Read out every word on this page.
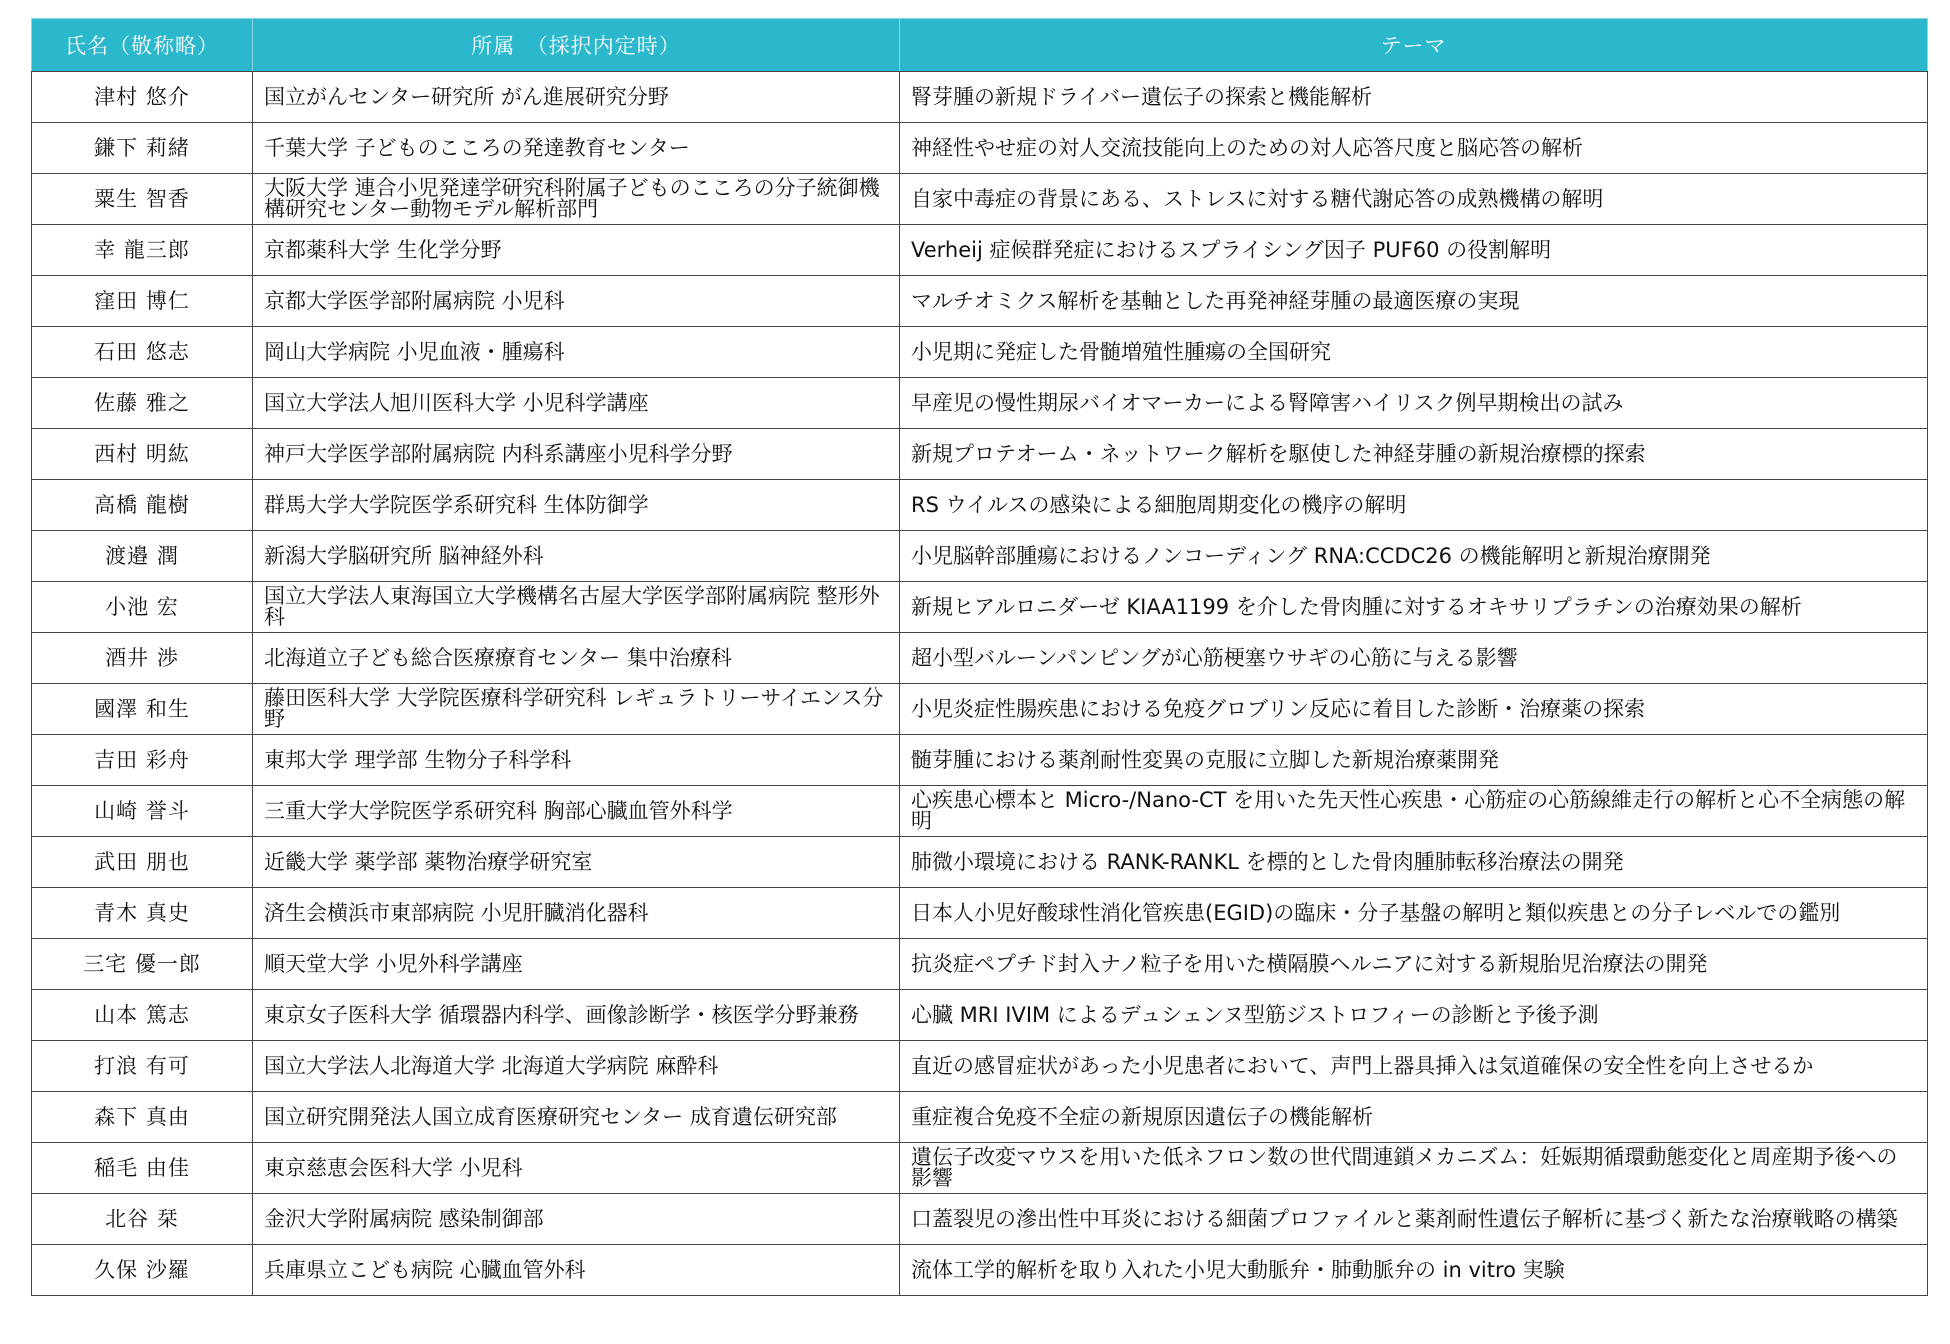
氏名（敬称略）	所属　（採択内定時）	テーマ
津村 悠介	国立がんセンター研究所 がん進展研究分野	腎芽腫の新規ドライバー遺伝子の探索と機能解析
鎌下 莉緒	千葉大学 子どものこころの発達教育センター	神経性やせ症の対人交流技能向上のための対人応答尺度と脳応答の解析
粟生 智香	大阪大学 連合小児発達学研究科附属子どものこころの分子統御機構研究センター動物モデル解析部門	自家中毒症の背景にある、ストレスに対する糖代謝応答の成熟機構の解明
幸 龍三郎	京都薬科大学 生化学分野	Verheij 症候群発症におけるスプライシング因子 PUF60 の役割解明
窪田 博仁	京都大学医学部附属病院 小児科	マルチオミクス解析を基軸とした再発神経芽腫の最適医療の実現
石田 悠志	岡山大学病院 小児血液・腫瘍科	小児期に発症した骨髄増殖性腫瘍の全国研究
佐藤 雅之	国立大学法人旭川医科大学 小児科学講座	早産児の慢性期尿バイオマーカーによる腎障害ハイリスク例早期検出の試み
西村 明紘	神戸大学医学部附属病院 内科系講座小児科学分野	新規プロテオーム・ネットワーク解析を駆使した神経芽腫の新規治療標的探索
高橋 龍樹	群馬大学大学院医学系研究科 生体防御学	RS ウイルスの感染による細胞周期変化の機序の解明
渡邉 潤	新潟大学脳研究所 脳神経外科	小児脳幹部腫瘍におけるノンコーディング RNA:CCDC26 の機能解明と新規治療開発
小池 宏	国立大学法人東海国立大学機構名古屋大学医学部附属病院 整形外科	新規ヒアルロニダーゼ KIAA1199 を介した骨肉腫に対するオキサリプラチンの治療効果の解析
酒井 渉	北海道立子ども総合医療療育センター 集中治療科	超小型バルーンパンピングが心筋梗塞ウサギの心筋に与える影響
國澤 和生	藤田医科大学 大学院医療科学研究科 レギュラトリーサイエンス分野	小児炎症性腸疾患における免疫グロブリン反応に着目した診断・治療薬の探索
吉田 彩舟	東邦大学 理学部 生物分子科学科	髄芽腫における薬剤耐性変異の克服に立脚した新規治療薬開発
山崎 誉斗	三重大学大学院医学系研究科 胸部心臓血管外科学	心疾患心標本と Micro-/Nano-CT を用いた先天性心疾患・心筋症の心筋線維走行の解析と心不全病態の解明
武田 朋也	近畿大学 薬学部 薬物治療学研究室	肺微小環境における RANK-RANKL を標的とした骨肉腫肺転移治療法の開発
青木 真史	済生会横浜市東部病院 小児肝臓消化器科	日本人小児好酸球性消化管疾患(EGID)の臨床・分子基盤の解明と類似疾患との分子レベルでの鑑別
三宅 優一郎	順天堂大学 小児外科学講座	抗炎症ペプチド封入ナノ粒子を用いた横隔膜ヘルニアに対する新規胎児治療法の開発
山本 篤志	東京女子医科大学 循環器内科学、画像診断学・核医学分野兼務	心臓 MRI IVIM によるデュシェンヌ型筋ジストロフィーの診断と予後予測
打浪 有可	国立大学法人北海道大学 北海道大学病院 麻酔科	直近の感冒症状があった小児患者において、声門上器具挿入は気道確保の安全性を向上させるか
森下 真由	国立研究開発法人国立成育医療研究センター 成育遺伝研究部	重症複合免疫不全症の新規原因遺伝子の機能解析
稲毛 由佳	東京慈恵会医科大学 小児科	遺伝子改変マウスを用いた低ネフロン数の世代間連鎖メカニズム：妊娠期循環動態変化と周産期予後への影響
北谷 栞	金沢大学附属病院 感染制御部	口蓋裂児の滲出性中耳炎における細菌プロファイルと薬剤耐性遺伝子解析に基づく新たな治療戦略の構築
久保 沙羅	兵庫県立こども病院 心臓血管外科	流体工学的解析を取り入れた小児大動脈弁・肺動脈弁の in vitro 実験
